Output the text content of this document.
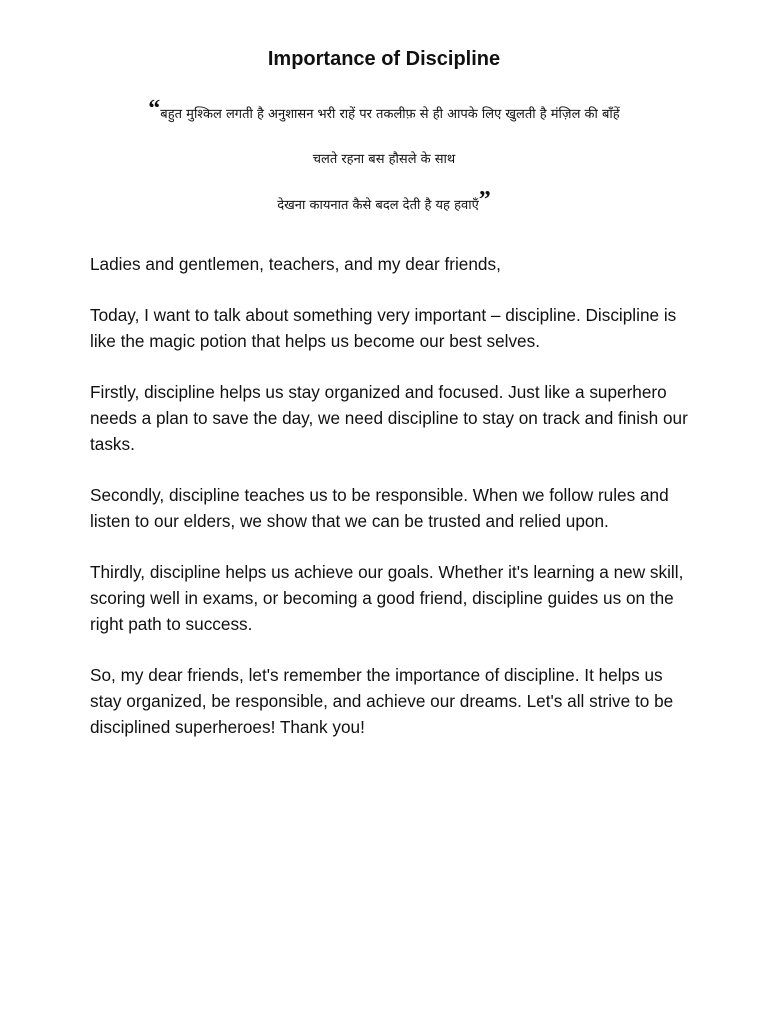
Importance of Discipline

“बहुत मुश्किल लगती है अनुशासन भरी राहें पर तकलीफ़ से ही आपके लिए खुलती है मंज़िल की बाँहें

चलते रहना बस हौसले के साथ

देखना कायनात कैसे बदल देती है यह हवाएँ”

Ladies and gentlemen, teachers, and my dear friends,

Today, I want to talk about something very important – discipline. Discipline is like the magic potion that helps us become our best selves.

Firstly, discipline helps us stay organized and focused. Just like a superhero needs a plan to save the day, we need discipline to stay on track and finish our tasks.

Secondly, discipline teaches us to be responsible. When we follow rules and listen to our elders, we show that we can be trusted and relied upon.

Thirdly, discipline helps us achieve our goals. Whether it's learning a new skill, scoring well in exams, or becoming a good friend, discipline guides us on the right path to success.

So, my dear friends, let's remember the importance of discipline. It helps us stay organized, be responsible, and achieve our dreams. Let's all strive to be disciplined superheroes! Thank you!
